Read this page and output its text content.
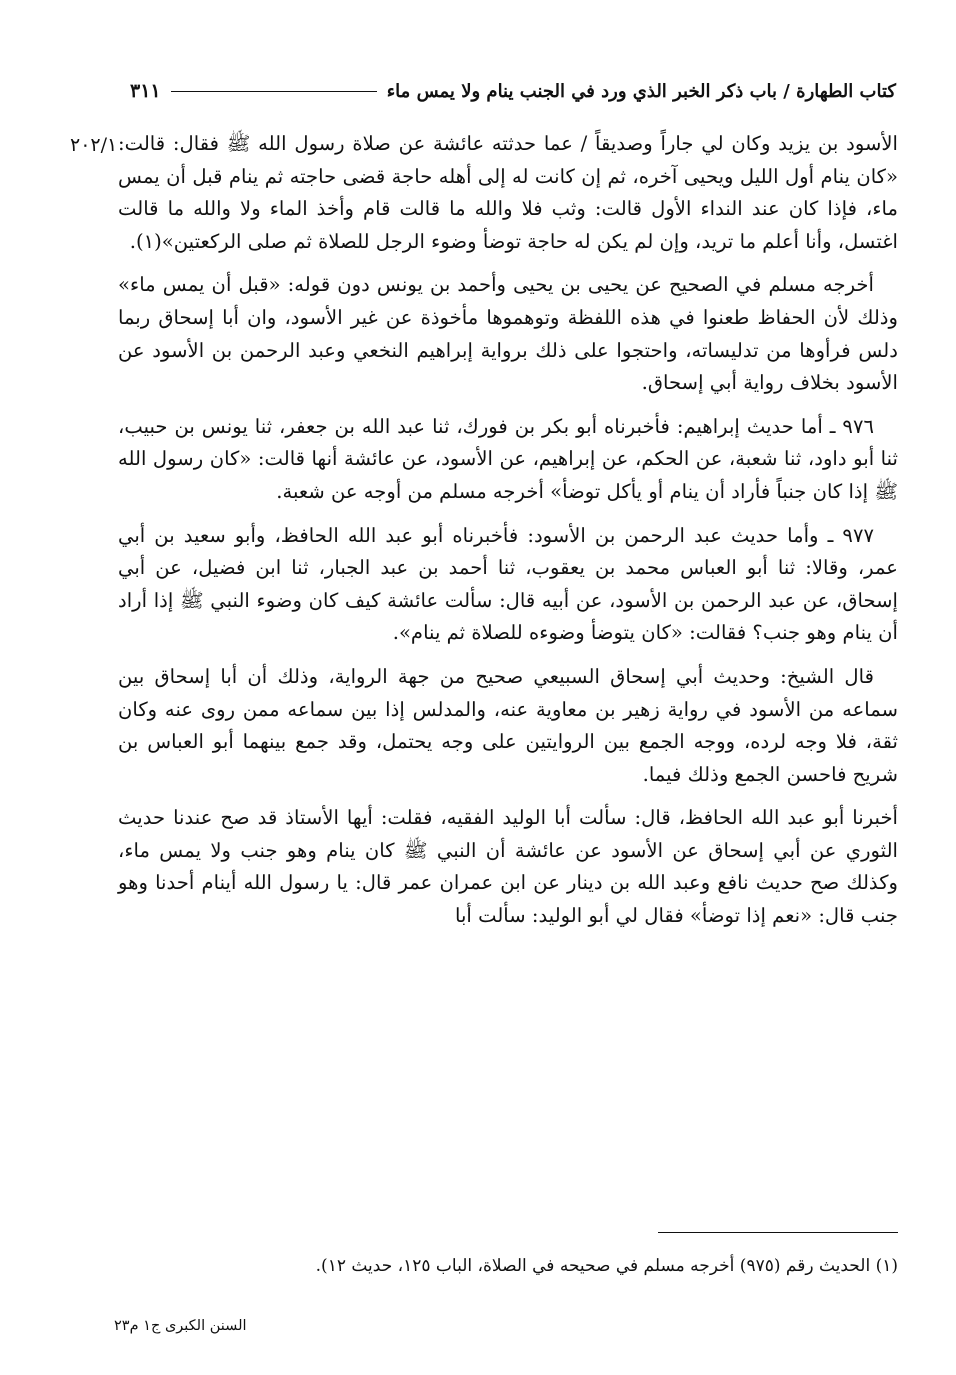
كتاب الطهارة / باب ذكر الخبر الذي ورد في الجنب ينام ولا يمس ماء
٣١١
٢٠٢/١ الأسود بن يزيد وكان لي جاراً وصديقاً / عما حدثته عائشة عن صلاة رسول الله ﷺ فقال: قالت: «كان ينام أول الليل ويحيى آخره، ثم إن كانت له إلى أهله حاجة قضى حاجته ثم ينام قبل أن يمس ماء، فإذا كان عند النداء الأول قالت: وثب فلا والله ما قالت قام وأخذ الماء ولا والله ما قالت اغتسل، وأنا أعلم ما تريد، وإن لم يكن له حاجة توضأ وضوء الرجل للصلاة ثم صلى الركعتين»(١).

أخرجه مسلم في الصحيح عن يحيى بن يحيى وأحمد بن يونس دون قوله: «قبل أن يمس ماء» وذلك لأن الحفاظ طعنوا في هذه اللفظة وتوهموها مأخوذة عن غير الأسود، وان أبا إسحاق ربما دلس فرأوها من تدليساته، واحتجوا على ذلك برواية إبراهيم النخعي وعبد الرحمن بن الأسود عن الأسود بخلاف رواية أبي إسحاق.

٩٧٦ ـ أما حديث إبراهيم: فأخبرناه أبو بكر بن فورك، ثنا عبد الله بن جعفر، ثنا يونس بن حبيب، ثنا أبو داود، ثنا شعبة، عن الحكم، عن إبراهيم، عن الأسود، عن عائشة أنها قالت: «كان رسول الله ﷺ إذا كان جنباً فأراد أن ينام أو يأكل توضأ» أخرجه مسلم من أوجه عن شعبة.

٩٧٧ ـ وأما حديث عبد الرحمن بن الأسود: فأخبرناه أبو عبد الله الحافظ، وأبو سعيد بن أبي عمر، وقالا: ثنا أبو العباس محمد بن يعقوب، ثنا أحمد بن عبد الجبار، ثنا ابن فضيل، عن أبي إسحاق، عن عبد الرحمن بن الأسود، عن أبيه قال: سألت عائشة كيف كان وضوء النبي ﷺ إذا أراد أن ينام وهو جنب؟ فقالت: «كان يتوضأ وضوءه للصلاة ثم ينام».

قال الشيخ: وحديث أبي إسحاق السبيعي صحيح من جهة الرواية، وذلك أن أبا إسحاق بين سماعه من الأسود في رواية زهير بن معاوية عنه، والمدلس إذا بين سماعه ممن روى عنه وكان ثقة، فلا وجه لرده، ووجه الجمع بين الروايتين على وجه يحتمل، وقد جمع بينهما أبو العباس بن شريح فاحسن الجمع وذلك فيما.

أخبرنا أبو عبد الله الحافظ، قال: سألت أبا الوليد الفقيه، فقلت: أيها الأستاذ قد صح عندنا حديث الثوري عن أبي إسحاق عن الأسود عن عائشة أن النبي ﷺ كان ينام وهو جنب ولا يمس ماء، وكذلك صح حديث نافع وعبد الله بن دينار عن ابن عمران عمر قال: يا رسول الله أينام أحدنا وهو جنب قال: «نعم إذا توضأ» فقال لي أبو الوليد: سألت أبا

(١) الحديث رقم (٩٧٥) أخرجه مسلم في صحيحه في الصلاة، الباب ١٢٥، حديث ١٢).
السنن الكبرى ج١ م٢٣
